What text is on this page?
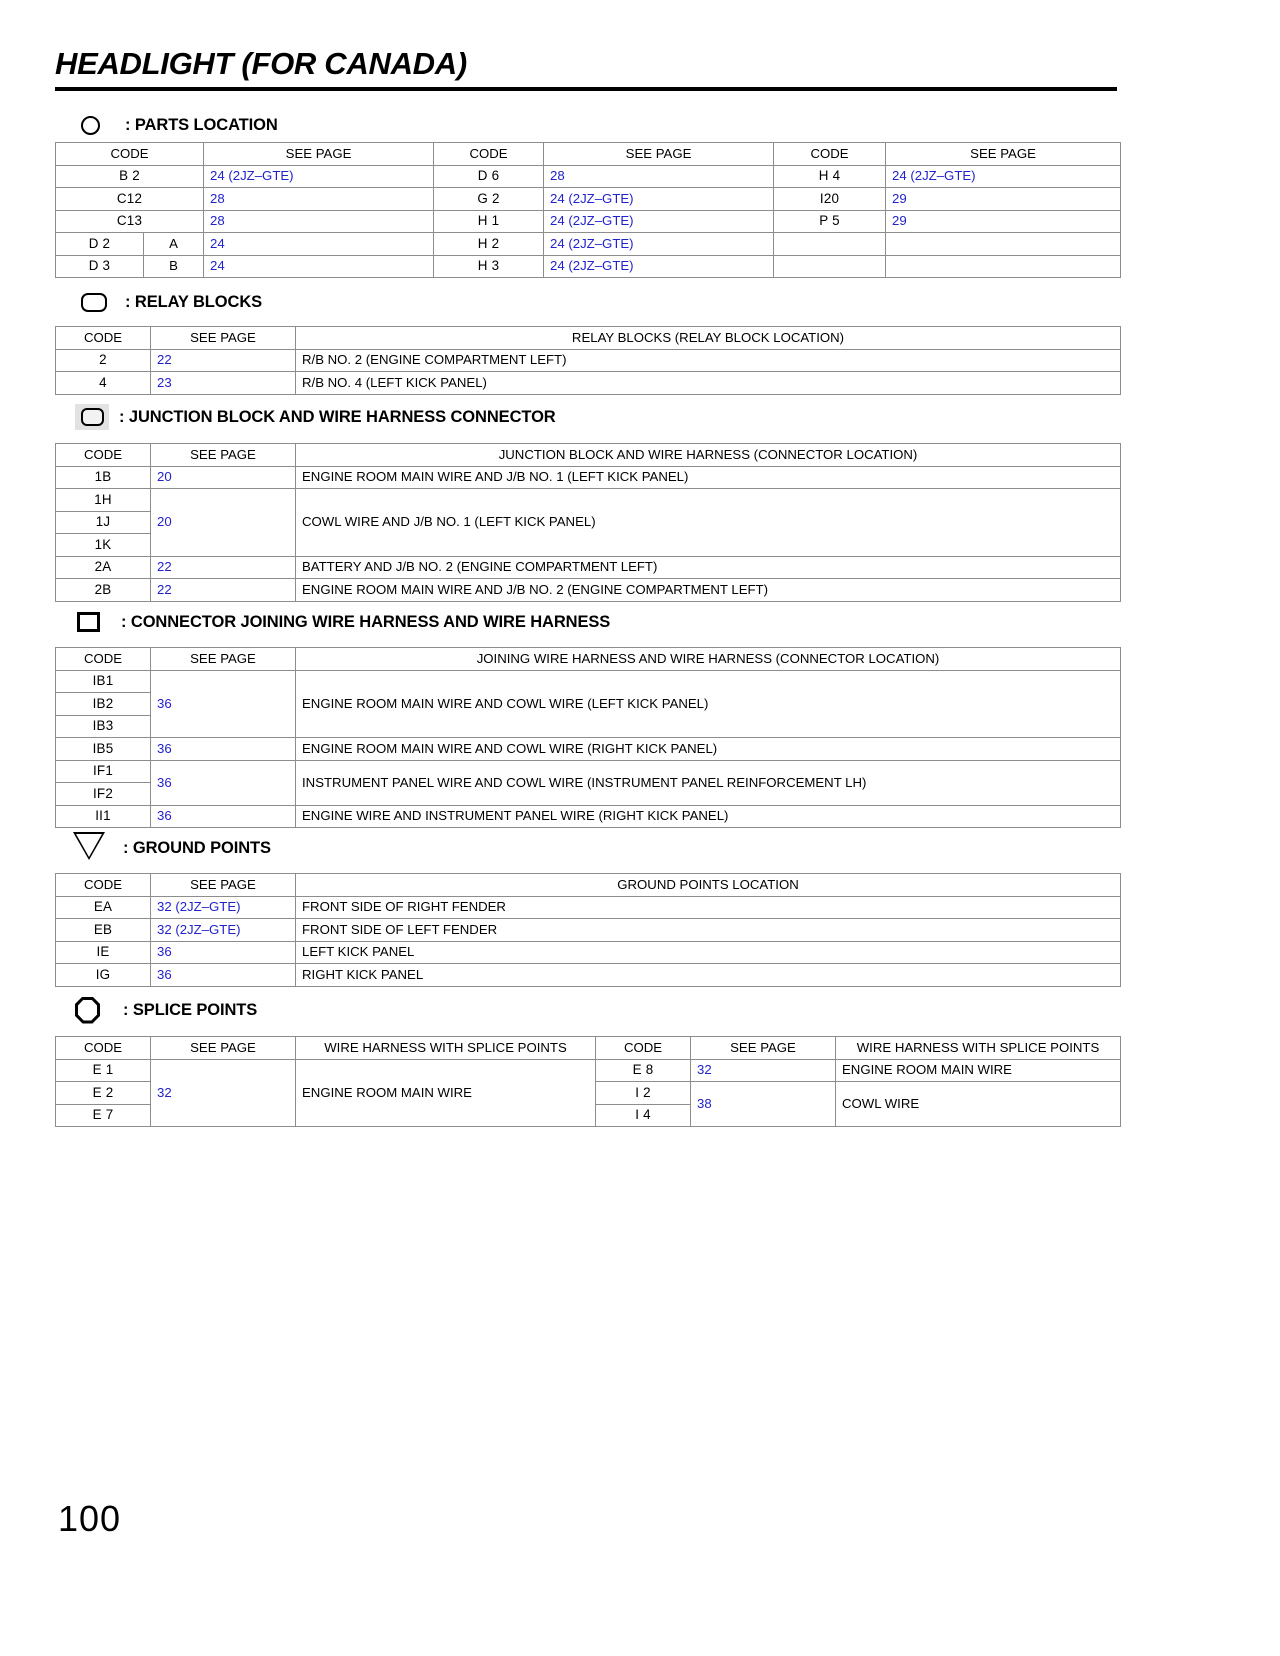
HEADLIGHT (FOR CANADA)
: PARTS LOCATION
CODE		SEE PAGE	CODE	SEE PAGE	CODE	SEE PAGE
B 2		24 (2JZ–GTE)	D 6	28	H 4	24 (2JZ–GTE)
C12		28	G 2	24 (2JZ–GTE)	I20	29
C13		28	H 1	24 (2JZ–GTE)	P 5	29
D 2	A	24	H 2	24 (2JZ–GTE)		
D 3	B	24	H 3	24 (2JZ–GTE)		
: RELAY BLOCKS
CODE	SEE PAGE	RELAY BLOCKS (RELAY BLOCK LOCATION)
2	22	R/B NO. 2 (ENGINE COMPARTMENT LEFT)
4	23	R/B NO. 4 (LEFT KICK PANEL)
: JUNCTION BLOCK AND WIRE HARNESS CONNECTOR
CODE	SEE PAGE	JUNCTION BLOCK AND WIRE HARNESS (CONNECTOR LOCATION)
1B	20	ENGINE ROOM MAIN WIRE AND J/B NO. 1 (LEFT KICK PANEL)
1H	20	COWL WIRE AND J/B NO. 1 (LEFT KICK PANEL)
1J		
1K		
2A	22	BATTERY AND J/B NO. 2 (ENGINE COMPARTMENT LEFT)
2B	22	ENGINE ROOM MAIN WIRE AND J/B NO. 2 (ENGINE COMPARTMENT LEFT)
: CONNECTOR JOINING WIRE HARNESS AND WIRE HARNESS
CODE	SEE PAGE	JOINING WIRE HARNESS AND WIRE HARNESS (CONNECTOR LOCATION)
IB1	36	ENGINE ROOM MAIN WIRE AND COWL WIRE (LEFT KICK PANEL)
IB2		
IB3		
IB5	36	ENGINE ROOM MAIN WIRE AND COWL WIRE (RIGHT KICK PANEL)
IF1	36	INSTRUMENT PANEL WIRE AND COWL WIRE (INSTRUMENT PANEL REINFORCEMENT LH)
IF2		
II1	36	ENGINE WIRE AND INSTRUMENT PANEL WIRE (RIGHT KICK PANEL)
: GROUND POINTS
CODE	SEE PAGE	GROUND POINTS LOCATION
EA	32 (2JZ–GTE)	FRONT SIDE OF RIGHT FENDER
EB	32 (2JZ–GTE)	FRONT SIDE OF LEFT FENDER
IE	36	LEFT KICK PANEL
IG	36	RIGHT KICK PANEL
: SPLICE POINTS
CODE	SEE PAGE	WIRE HARNESS WITH SPLICE POINTS	CODE	SEE PAGE	WIRE HARNESS WITH SPLICE POINTS
E 1	32	ENGINE ROOM MAIN WIRE	E 8	32	ENGINE ROOM MAIN WIRE
E 2			I 2	38	COWL WIRE
E 7			I 4		
100
